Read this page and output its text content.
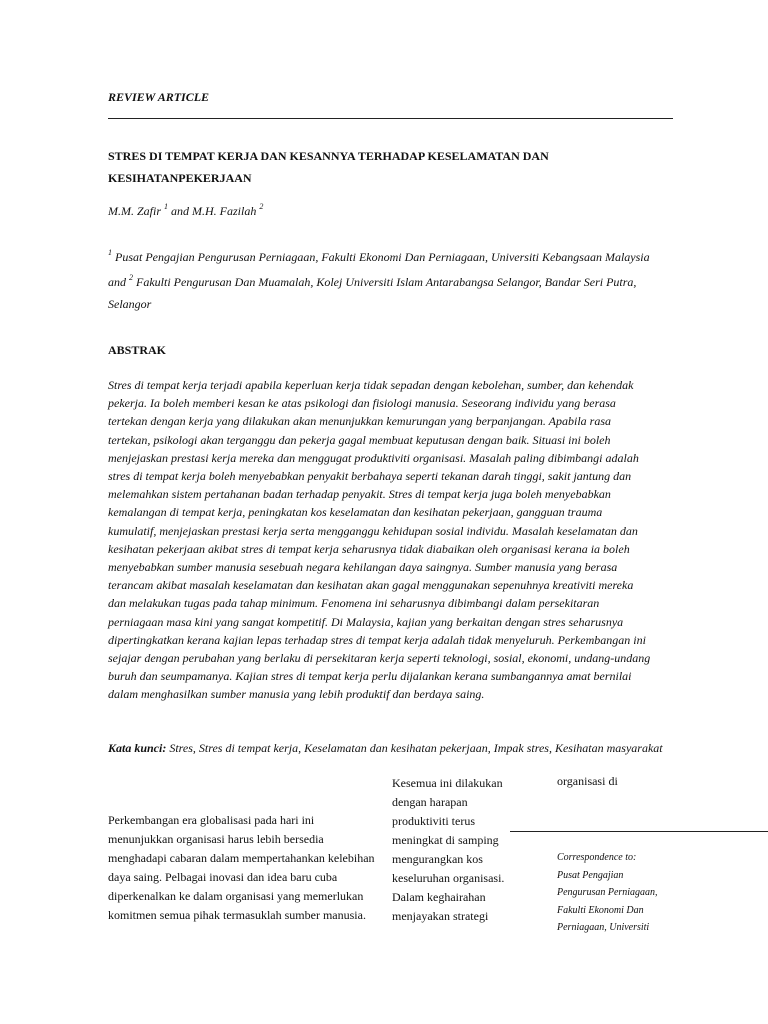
REVIEW ARTICLE
STRES DI TEMPAT KERJA DAN KESANNYA TERHADAP KESELAMATAN DAN
KESIHATANPEKERJAAN
M.M. Zafir $^1$ and M.H. Fazilah $^2$
$^1$ Pusat Pengajian Pengurusan Perniagaan, Fakulti Ekonomi Dan Perniagaan, Universiti Kebangsaan Malaysia
and $^2$ Fakulti Pengurusan Dan Muamalah, Kolej Universiti Islam Antarabangsa Selangor, Bandar Seri Putra,
Selangor
ABSTRAK
Stres di tempat kerja terjadi apabila keperluan kerja tidak sepadan dengan kebolehan, sumber, dan kehendak
pekerja. Ia boleh memberi kesan ke atas psikologi dan fisiologi manusia. Seseorang individu yang berasa
tertekan dengan kerja yang dilakukan akan menunjukkan kemurungan yang berpanjangan. Apabila rasa
tertekan, psikologi akan terganggu dan pekerja gagal membuat keputusan dengan baik. Situasi ini boleh
menjejaskan prestasi kerja mereka dan menggugat produktiviti organisasi. Masalah paling dibimbangi adalah
stres di tempat kerja boleh menyebabkan penyakit berbahaya seperti tekanan darah tinggi, sakit jantung dan
melemahkan sistem pertahanan badan terhadap penyakit. Stres di tempat kerja juga boleh menyebabkan
kemalangan di tempat kerja, peningkatan kos keselamatan dan kesihatan pekerjaan, gangguan trauma
kumulatif, menjejaskan prestasi kerja serta mengganggu kehidupan sosial individu. Masalah keselamatan dan
kesihatan pekerjaan akibat stres di tempat kerja seharusnya tidak diabaikan oleh organisasi kerana ia boleh
menyebabkan sumber manusia sesebuah negara kehilangan daya saingnya. Sumber manusia yang berasa
terancam akibat masalah keselamatan dan kesihatan akan gagal menggunakan sepenuhnya kreativiti mereka
dan melakukan tugas pada tahap minimum. Fenomena ini seharusnya dibimbangi dalam persekitaran
perniagaan masa kini yang sangat kompetitif. Di Malaysia, kajian yang berkaitan dengan stres seharusnya
dipertingkatkan kerana kajian lepas terhadap stres di tempat kerja adalah tidak menyeluruh. Perkembangan ini
sejajar dengan perubahan yang berlaku di persekitaran kerja seperti teknologi, sosial, ekonomi, undang-undang
buruh dan seumpamanya. Kajian stres di tempat kerja perlu dijalankan kerana sumbangannya amat bernilai
dalam menghasilkan sumber manusia yang lebih produktif dan berdaya saing.
Kata kunci: Stres, Stres di tempat kerja, Keselamatan dan kesihatan pekerjaan, Impak stres, Kesihatan masyarakat
Perkembangan era globalisasi pada hari ini
menunjukkan organisasi harus lebih bersedia
menghadapi cabaran dalam mempertahankan kelebihan
daya saing. Pelbagai inovasi dan idea baru cuba
diperkenalkan ke dalam organisasi yang memerlukan
komitmen semua pihak termasuklah sumber manusia.
Kesemua ini dilakukan
dengan harapan
produktiviti terus
meningkat di samping
mengurangkan kos
keseluruhan organisasi.
Dalam keghairahan
menjayakan strategi
organisasi di
Correspondence to:
Pusat Pengajian
Pengurusan Perniagaan,
Fakulti Ekonomi Dan
Perniagaan, Universiti
